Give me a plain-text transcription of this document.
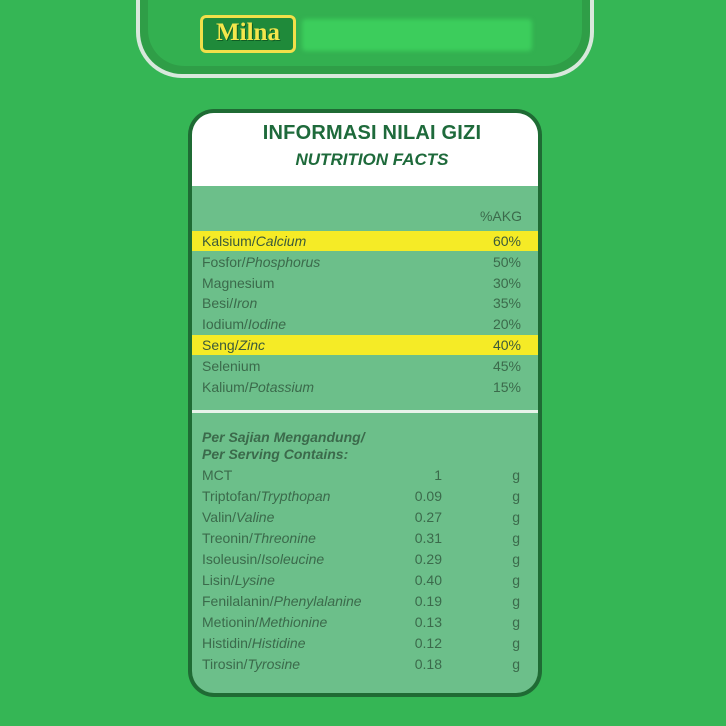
Milna
INFORMASI NILAI GIZI
NUTRITION FACTS
%AKG
Kalsium/Calcium	60%
Fosfor/Phosphorus	50%
Magnesium	30%
Besi/Iron	35%
Iodium/Iodine	20%
Seng/Zinc	40%
Selenium	45%
Kalium/Potassium	15%
Per Sajian Mengandung/
Per Serving Contains:
MCT	1	g
Triptofan/Trypthopan	0.09	g
Valin/Valine	0.27	g
Treonin/Threonine	0.31	g
Isoleusin/Isoleucine	0.29	g
Lisin/Lysine	0.40	g
Fenilalanin/Phenylalanine	0.19	g
Metionin/Methionine	0.13	g
Histidin/Histidine	0.12	g
Tirosin/Tyrosine	0.18	g
